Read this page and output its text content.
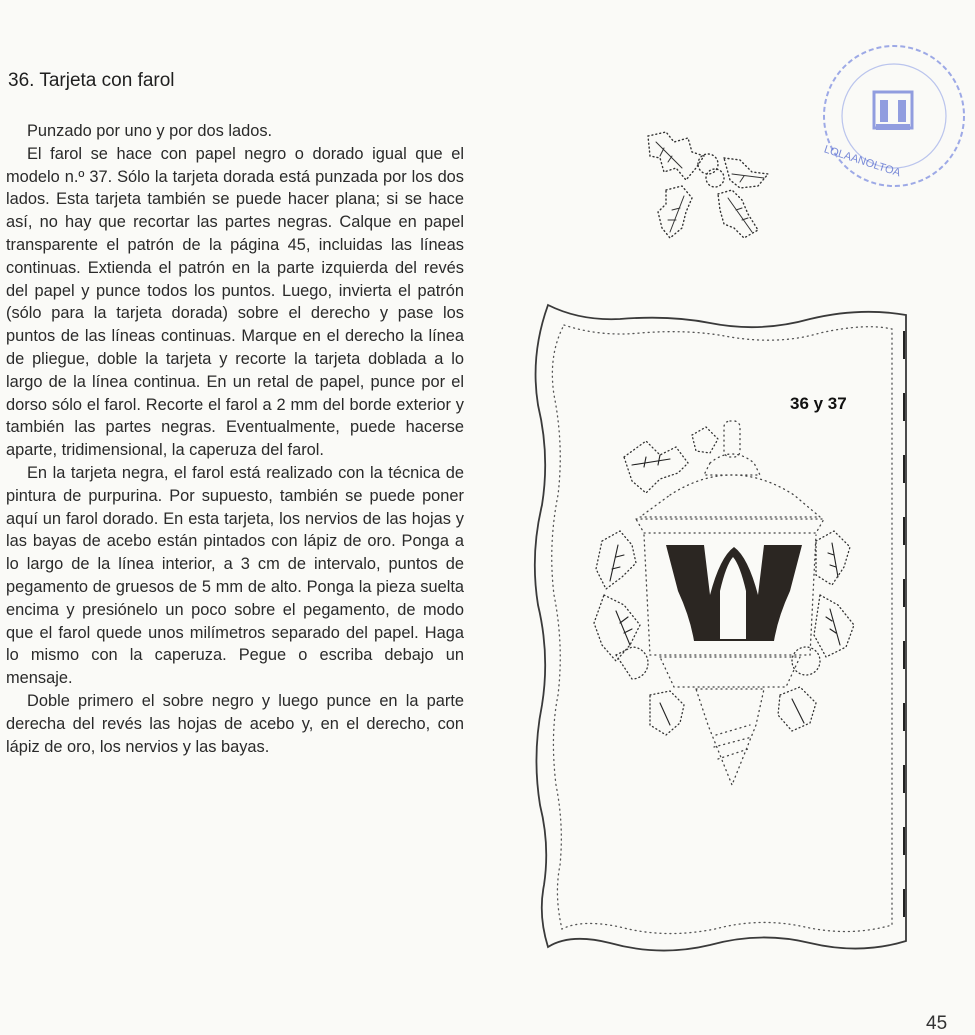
36. Tarjeta con farol

Punzado por uno y por dos lados.

El farol se hace con papel negro o dorado igual que el modelo n.º 37. Sólo la tarjeta dorada está punzada por los dos lados. Esta tarjeta también se puede hacer plana; si se hace así, no hay que recortar las partes negras. Calque en papel transparente el patrón de la página 45, incluidas las líneas continuas. Extienda el patrón en la parte izquierda del revés del papel y punce todos los puntos. Luego, invierta el patrón (sólo para la tarjeta dorada) sobre el derecho y pase los puntos de las líneas continuas. Marque en el derecho la línea de pliegue, doble la tarjeta y recorte la tarjeta doblada a lo largo de la línea continua. En un retal de papel, punce por el dorso sólo el farol. Recorte el farol a 2 mm del borde exterior y también las partes negras. Eventualmente, puede hacerse aparte, tridimensional, la caperuza del farol.

En la tarjeta negra, el farol está realizado con la técnica de pintura de purpurina. Por supuesto, también se puede poner aquí un farol dorado. En esta tarjeta, los nervios de las hojas y las bayas de acebo están pintados con lápiz de oro. Ponga a lo largo de la línea interior, a 3 cm de intervalo, puntos de pegamento de gruesos de 5 mm de alto. Ponga la pieza suelta encima y presiónelo un poco sobre el pegamento, de modo que el farol quede unos milímetros separado del papel. Haga lo mismo con la caperuza. Pegue o escriba debajo un mensaje.

Doble primero el sobre negro y luego punce en la parte derecha del revés las hojas de acebo y, en el derecho, con lápiz de oro, los nervios y las bayas.

LOLAANOLTOA
36 y 37
45
